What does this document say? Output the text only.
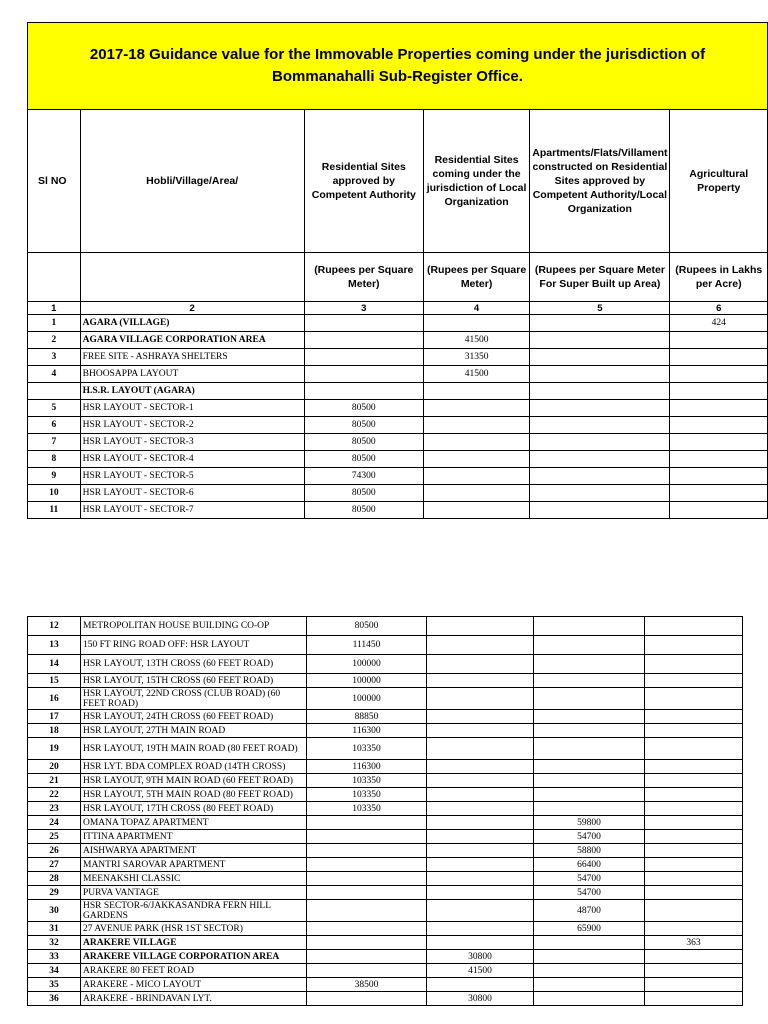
2017-18 Guidance value for the Immovable Properties coming under the jurisdiction of
Bommanahalli Sub-Register Office.					

Sl NO	Hobli/Village/Area/	Residential Sites approved by Competent Authority	Residential Sites coming under the jurisdiction of Local Organization	Apartments/Flats/Villament constructed on Residential Sites approved by Competent Authority/Local Organization	Agricultural Property
		(Rupees per Square Meter)	(Rupees per Square Meter)	(Rupees per Square Meter For Super Built up Area)	(Rupees in Lakhs per Acre)
1	2	3	4	5	6
1	AGARA (VILLAGE)				424
2	AGARA VILLAGE CORPORATION AREA		41500		
3	FREE SITE - ASHRAYA SHELTERS		31350		
4	BHOOSAPPA LAYOUT		41500		
	H.S.R. LAYOUT (AGARA)				
5	HSR LAYOUT - SECTOR-1	80500			
6	HSR LAYOUT - SECTOR-2	80500			
7	HSR LAYOUT - SECTOR-3	80500			
8	HSR LAYOUT - SECTOR-4	80500			
9	HSR LAYOUT - SECTOR-5	74300			
10	HSR LAYOUT - SECTOR-6	80500			
11	HSR LAYOUT - SECTOR-7	80500			
12	METROPOLITAN HOUSE BUILDING CO-OP	80500			
13	150 FT RING ROAD OFF: HSR LAYOUT	111450			
14	HSR LAYOUT, 13TH CROSS (60 FEET ROAD)	100000			
15	HSR LAYOUT, 15TH CROSS (60 FEET ROAD)	100000			
16	HSR LAYOUT, 22ND CROSS (CLUB ROAD) (60 FEET ROAD)	100000			
17	HSR LAYOUT, 24TH CROSS (60 FEET ROAD)	88850			
18	HSR LAYOUT, 27TH MAIN ROAD	116300			
19	HSR LAYOUT, 19TH MAIN ROAD (80 FEET ROAD)	103350			
20	HSR LYT. BDA COMPLEX ROAD (14TH CROSS)	116300			
21	HSR LAYOUT, 9TH MAIN ROAD (60 FEET ROAD)	103350			
22	HSR LAYOUT, 5TH MAIN ROAD (80 FEET ROAD)	103350			
23	HSR LAYOUT, 17TH CROSS (80 FEET ROAD)	103350			
24	OMANA TOPAZ APARTMENT			59800	
25	ITTINA APARTMENT			54700	
26	AISHWARYA APARTMENT			58800	
27	MANTRI SAROVAR APARTMENT			66400	
28	MEENAKSHI CLASSIC			54700	
29	PURVA VANTAGE			54700	
30	HSR SECTOR-6/JAKKASANDRA FERN HILL GARDENS			48700	
31	27 AVENUE PARK (HSR 1ST SECTOR)			65900	
32	ARAKERE VILLAGE				363
33	ARAKERE VILLAGE CORPORATION AREA		30800		
34	ARAKERE 80 FEET ROAD		41500		
35	ARAKERE - MICO LAYOUT	38500			
36	ARAKERE - BRINDAVAN LYT.		30800		
